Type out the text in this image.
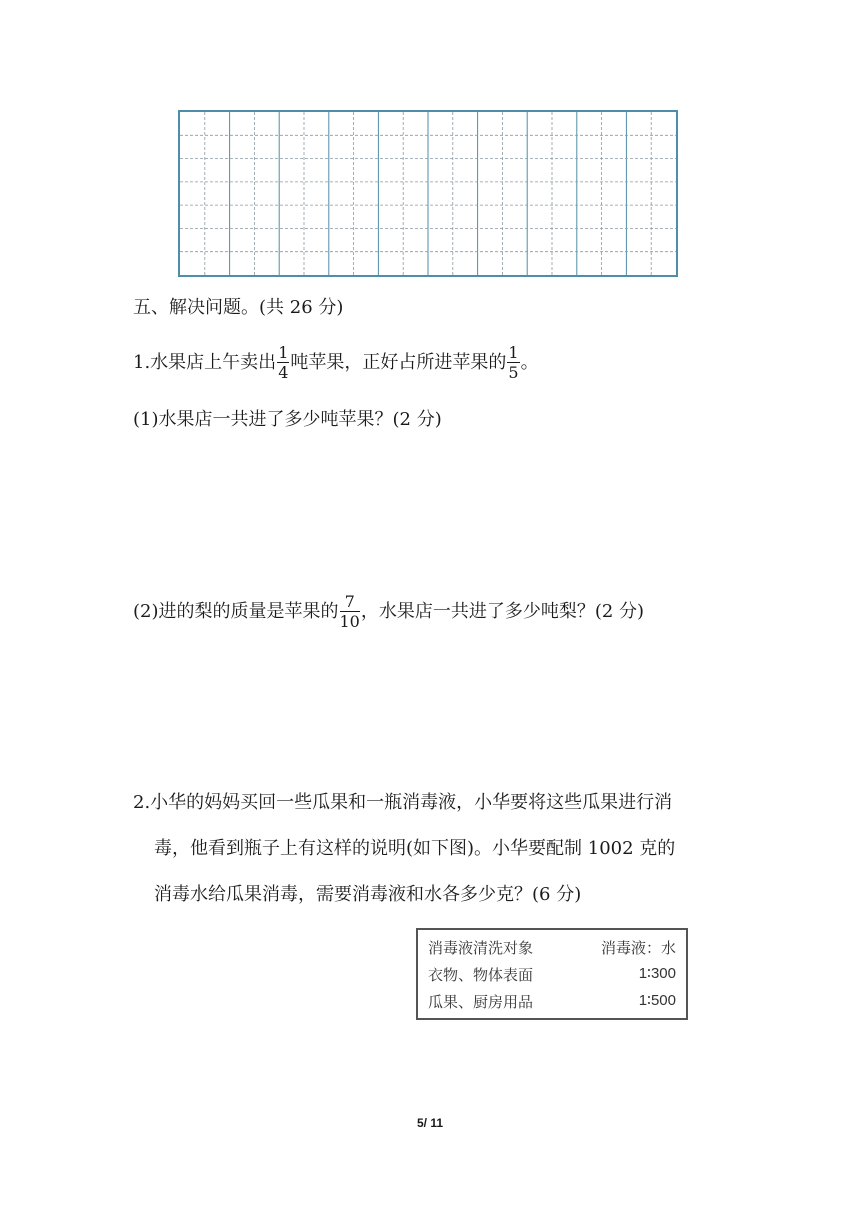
五、解决问题。(共 26 分)
1.水果店上午卖出 $\frac{1}{4}$ 吨苹果，正好占所进苹果的 $\frac{1}{5}$ 。
(1)水果店一共进了多少吨苹果？(2 分)
(2)进的梨的质量是苹果的 $\frac{7}{10}$ ，水果店一共进了多少吨梨？(2 分)
2.小华的妈妈买回一些瓜果和一瓶消毒液，小华要将这些瓜果进行消
毒，他看到瓶子上有这样的说明(如下图)。小华要配制 1002 克的
消毒水给瓜果消毒，需要消毒液和水各多少克？(6 分)
消毒液清洗对象	消毒液：水
衣物、物体表面	1∶300
瓜果、厨房用品	1∶500
5/ 11
